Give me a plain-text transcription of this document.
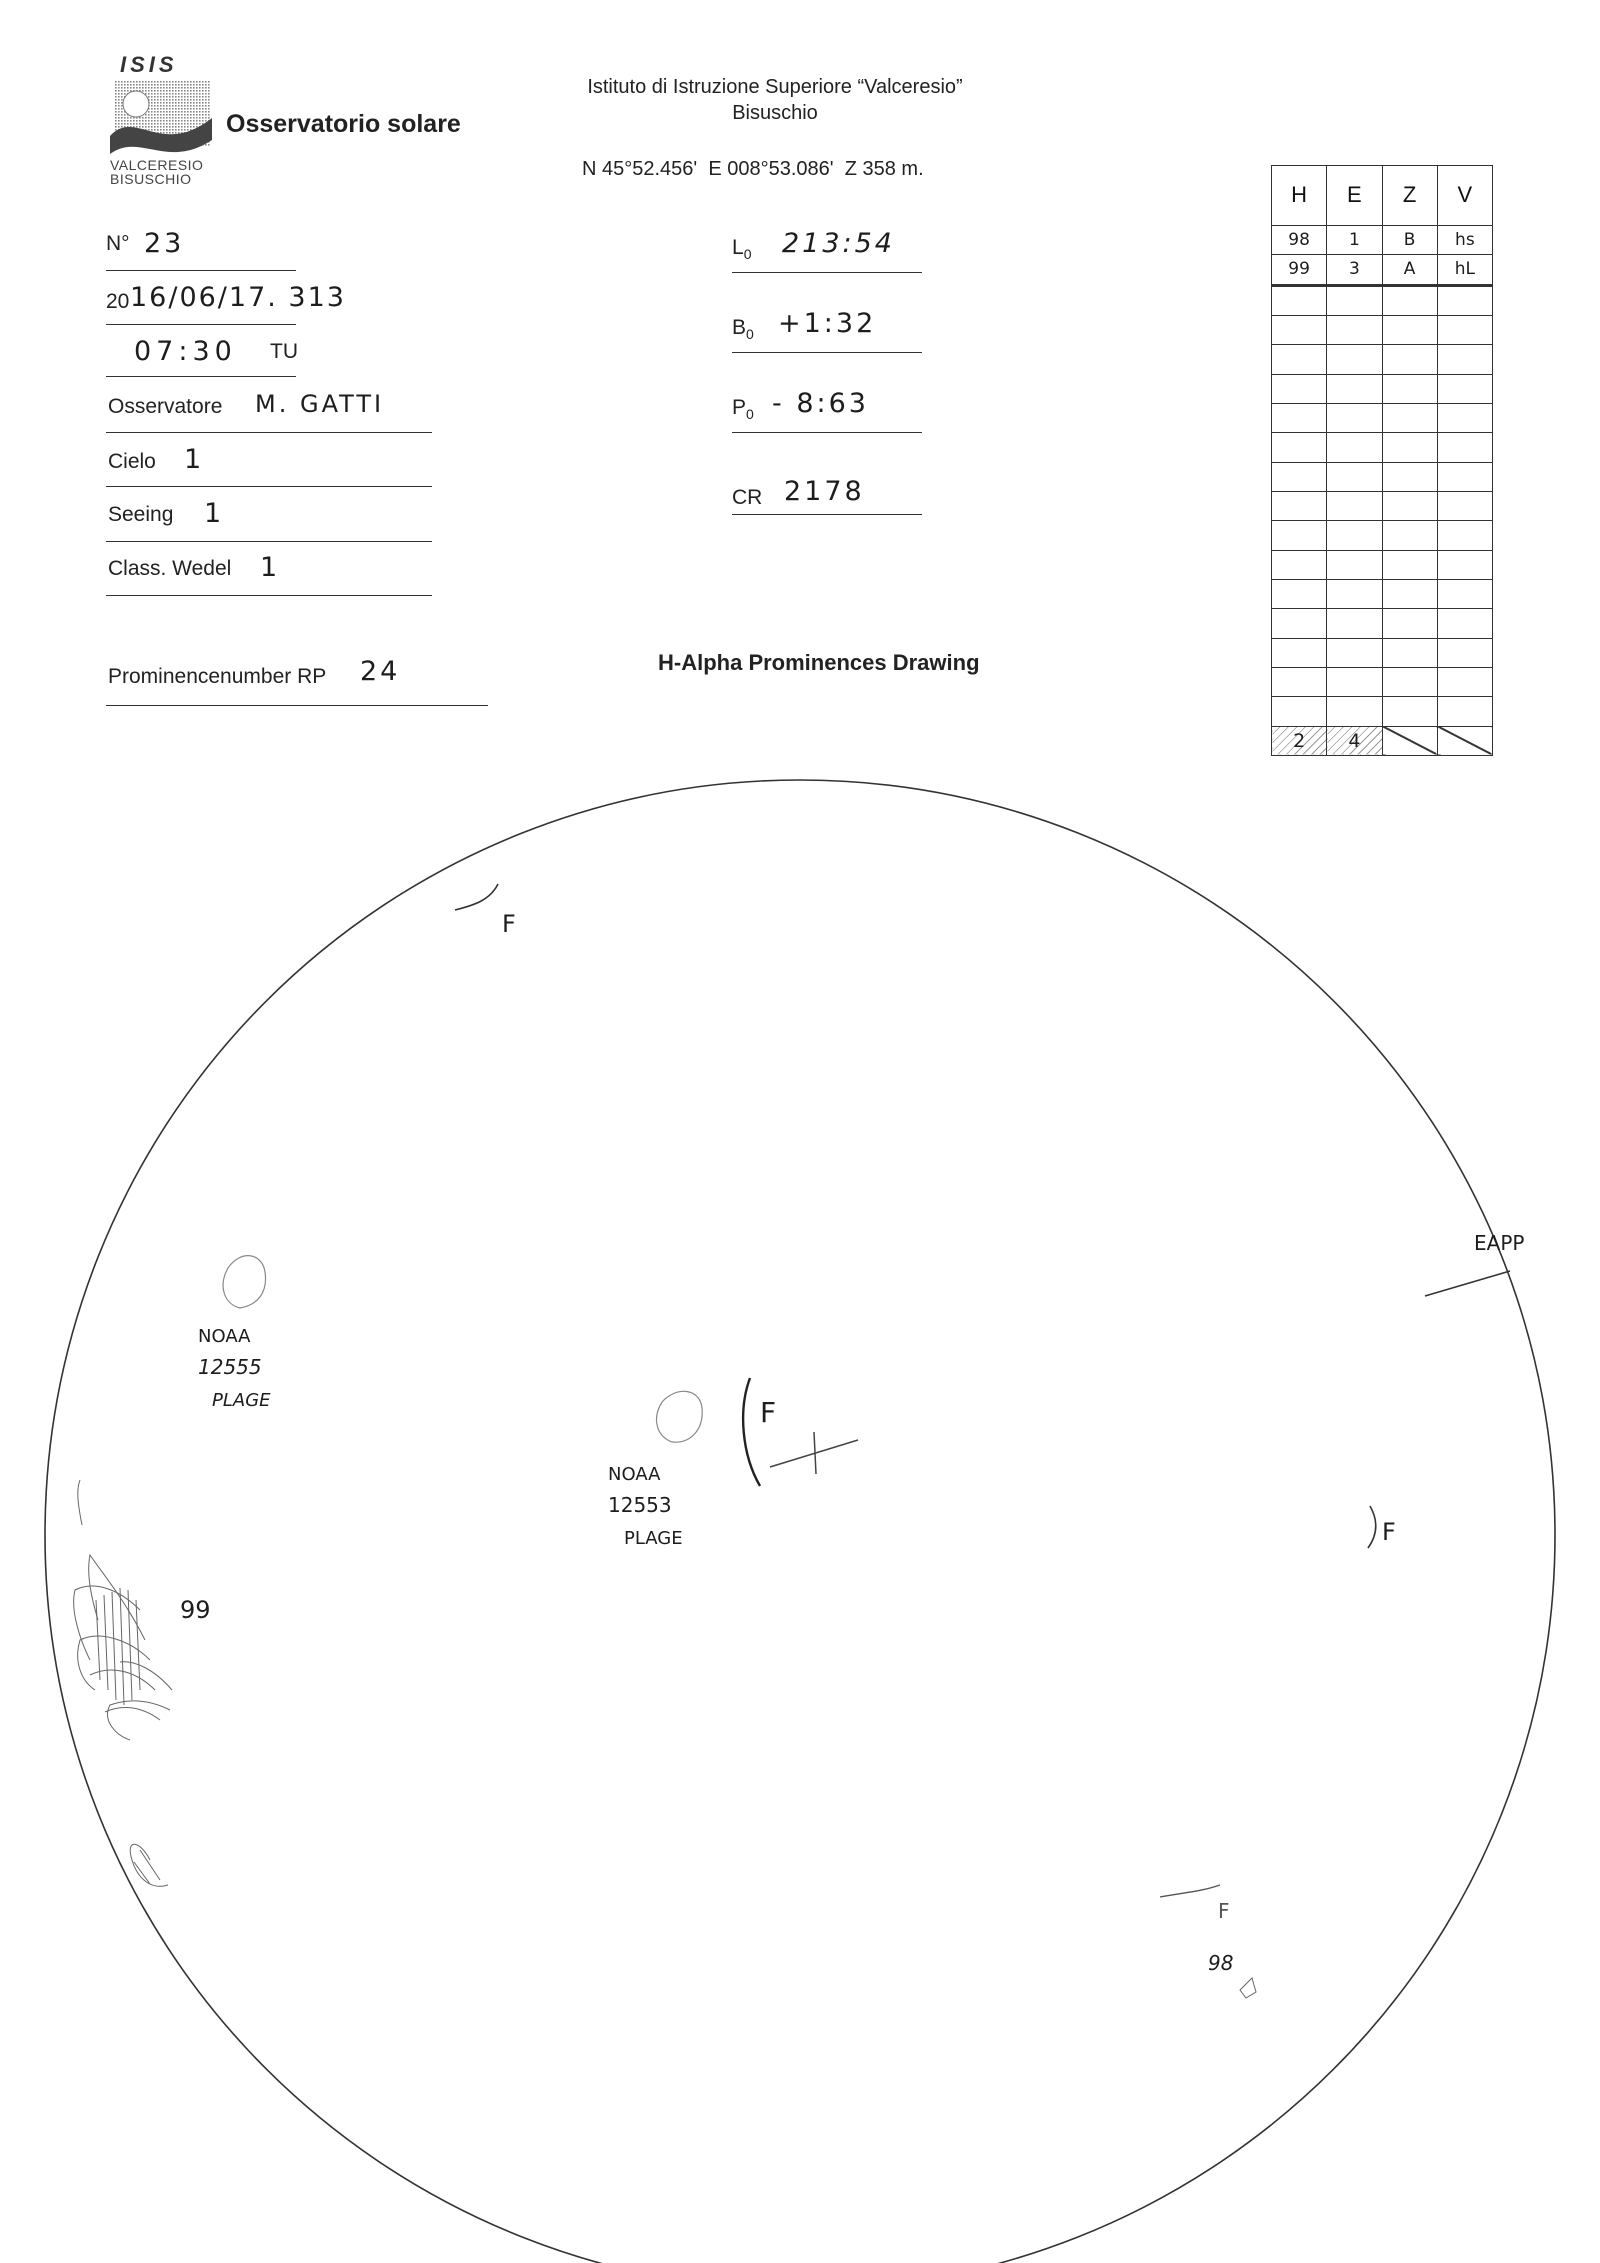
ISIS
VALCERESIO
BISUSCHIO
Osservatorio solare
Istituto di Istruzione Superiore “Valceresio”
Bisuschio
N 45°52.456'  E 008°53.086'  Z 358 m.
N° 23
20 16/06/17. 313
07:30 TU
Osservatore M. GATTI
Cielo 1
Seeing 1
Class. Wedel 1
Prominencenumber RP 24
$L_0$ 213:54
$B_0$ +1:32
$P_0$ - 8:63
CR 2178
H-Alpha Prominences Drawing
H	E	Z	V
98	1	B	hs
99	3	A	hL

2	4		
F
F
F
F
EAPP
NOAA
12555
PLAGE
NOAA
12553
PLAGE
99
98
